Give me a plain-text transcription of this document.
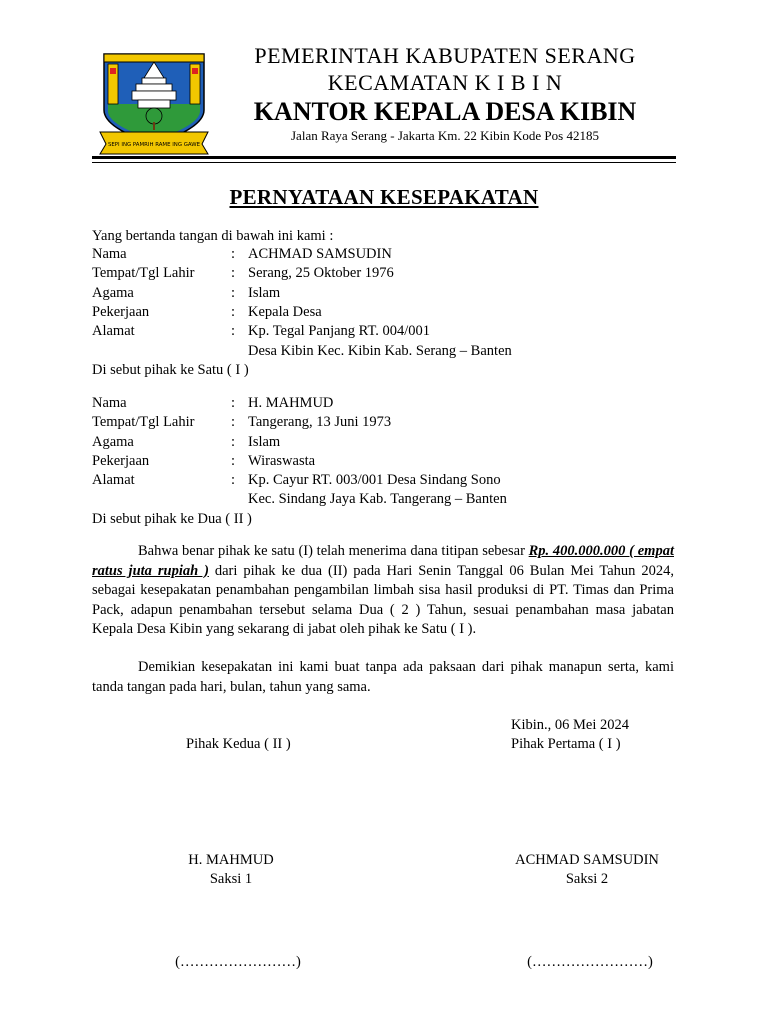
SEPI ING PAMRIH RAME ING GAWE
PEMERINTAH KABUPATEN SERANG
KECAMATAN K I B I N
KANTOR KEPALA DESA KIBIN
Jalan Raya Serang - Jakarta Km. 22 Kibin Kode Pos 42185
PERNYATAAN KESEPAKATAN
Yang bertanda tangan di bawah ini kami :
Nama	: ACHMAD SAMSUDIN
Tempat/Tgl Lahir	: Serang, 25 Oktober 1976
Agama	: Islam
Pekerjaan	: Kepala Desa
Alamat	: Kp. Tegal Panjang RT. 004/001
Desa Kibin Kec. Kibin Kab. Serang – Banten
Di sebut pihak ke Satu ( I )
Nama	: H. MAHMUD
Tempat/Tgl Lahir	: Tangerang, 13 Juni 1973
Agama	: Islam
Pekerjaan	: Wiraswasta
Alamat	: Kp. Cayur RT. 003/001 Desa Sindang Sono
Kec. Sindang Jaya Kab. Tangerang – Banten
Di sebut pihak ke Dua ( II )
Bahwa benar pihak ke satu (I) telah menerima dana titipan sebesar Rp. 400.000.000 ( empat ratus juta rupiah ) dari pihak ke dua (II) pada Hari Senin Tanggal 06 Bulan Mei Tahun 2024, sebagai kesepakatan penambahan pengambilan limbah sisa hasil produksi di PT. Timas dan Prima Pack, adapun penambahan tersebut selama Dua ( 2 ) Tahun, sesuai penambahan masa jabatan Kepala Desa Kibin yang sekarang di jabat oleh pihak ke Satu ( I ).
Demikian kesepakatan ini kami buat tanpa ada paksaan dari pihak manapun serta, kami tanda tangan pada hari, bulan, tahun yang sama.
Kibin., 06 Mei 2024
Pihak Kedua ( II )	Pihak Pertama ( I )
H. MAHMUD
Saksi 1
ACHMAD SAMSUDIN
Saksi 2
(……………………)	(……………………)
